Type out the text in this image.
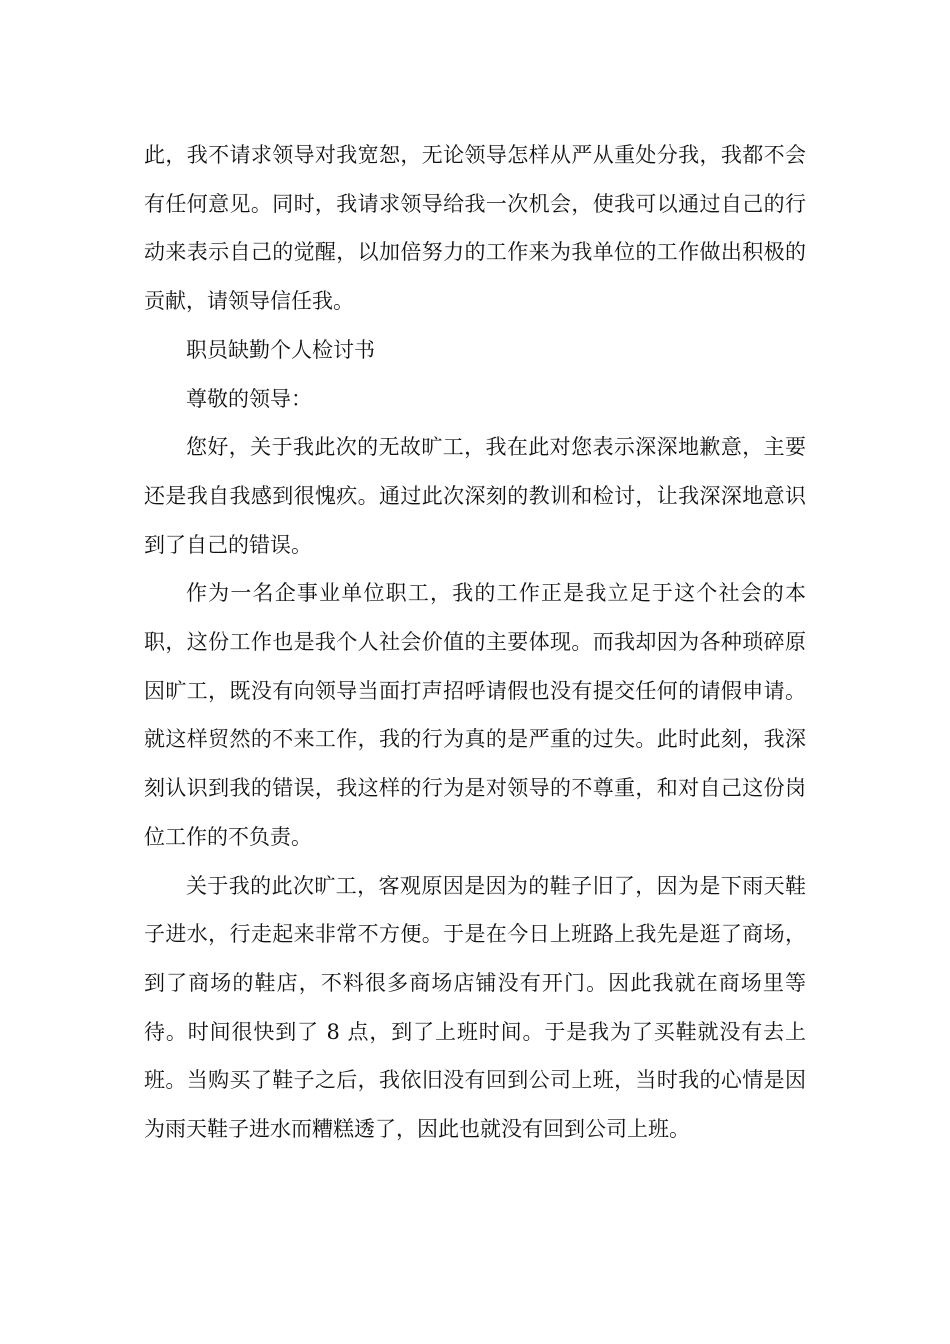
此，我不请求领导对我宽恕，无论领导怎样从严从重处分我，我都不会有任何意见。同时，我请求领导给我一次机会，使我可以通过自己的行动来表示自己的觉醒，以加倍努力的工作来为我单位的工作做出积极的贡献，请领导信任我。

职员缺勤个人检讨书

尊敬的领导：

您好，关于我此次的无故旷工，我在此对您表示深深地歉意，主要还是我自我感到很愧疚。通过此次深刻的教训和检讨，让我深深地意识到了自己的错误。

作为一名企事业单位职工，我的工作正是我立足于这个社会的本职，这份工作也是我个人社会价值的主要体现。而我却因为各种琐碎原因旷工，既没有向领导当面打声招呼请假也没有提交任何的请假申请。就这样贸然的不来工作，我的行为真的是严重的过失。此时此刻，我深刻认识到我的错误，我这样的行为是对领导的不尊重，和对自己这份岗位工作的不负责。

关于我的此次旷工，客观原因是因为的鞋子旧了，因为是下雨天鞋子进水，行走起来非常不方便。于是在今日上班路上我先是逛了商场，到了商场的鞋店，不料很多商场店铺没有开门。因此我就在商场里等待。时间很快到了 8 点，到了上班时间。于是我为了买鞋就没有去上班。当购买了鞋子之后，我依旧没有回到公司上班，当时我的心情是因为雨天鞋子进水而糟糕透了，因此也就没有回到公司上班。
